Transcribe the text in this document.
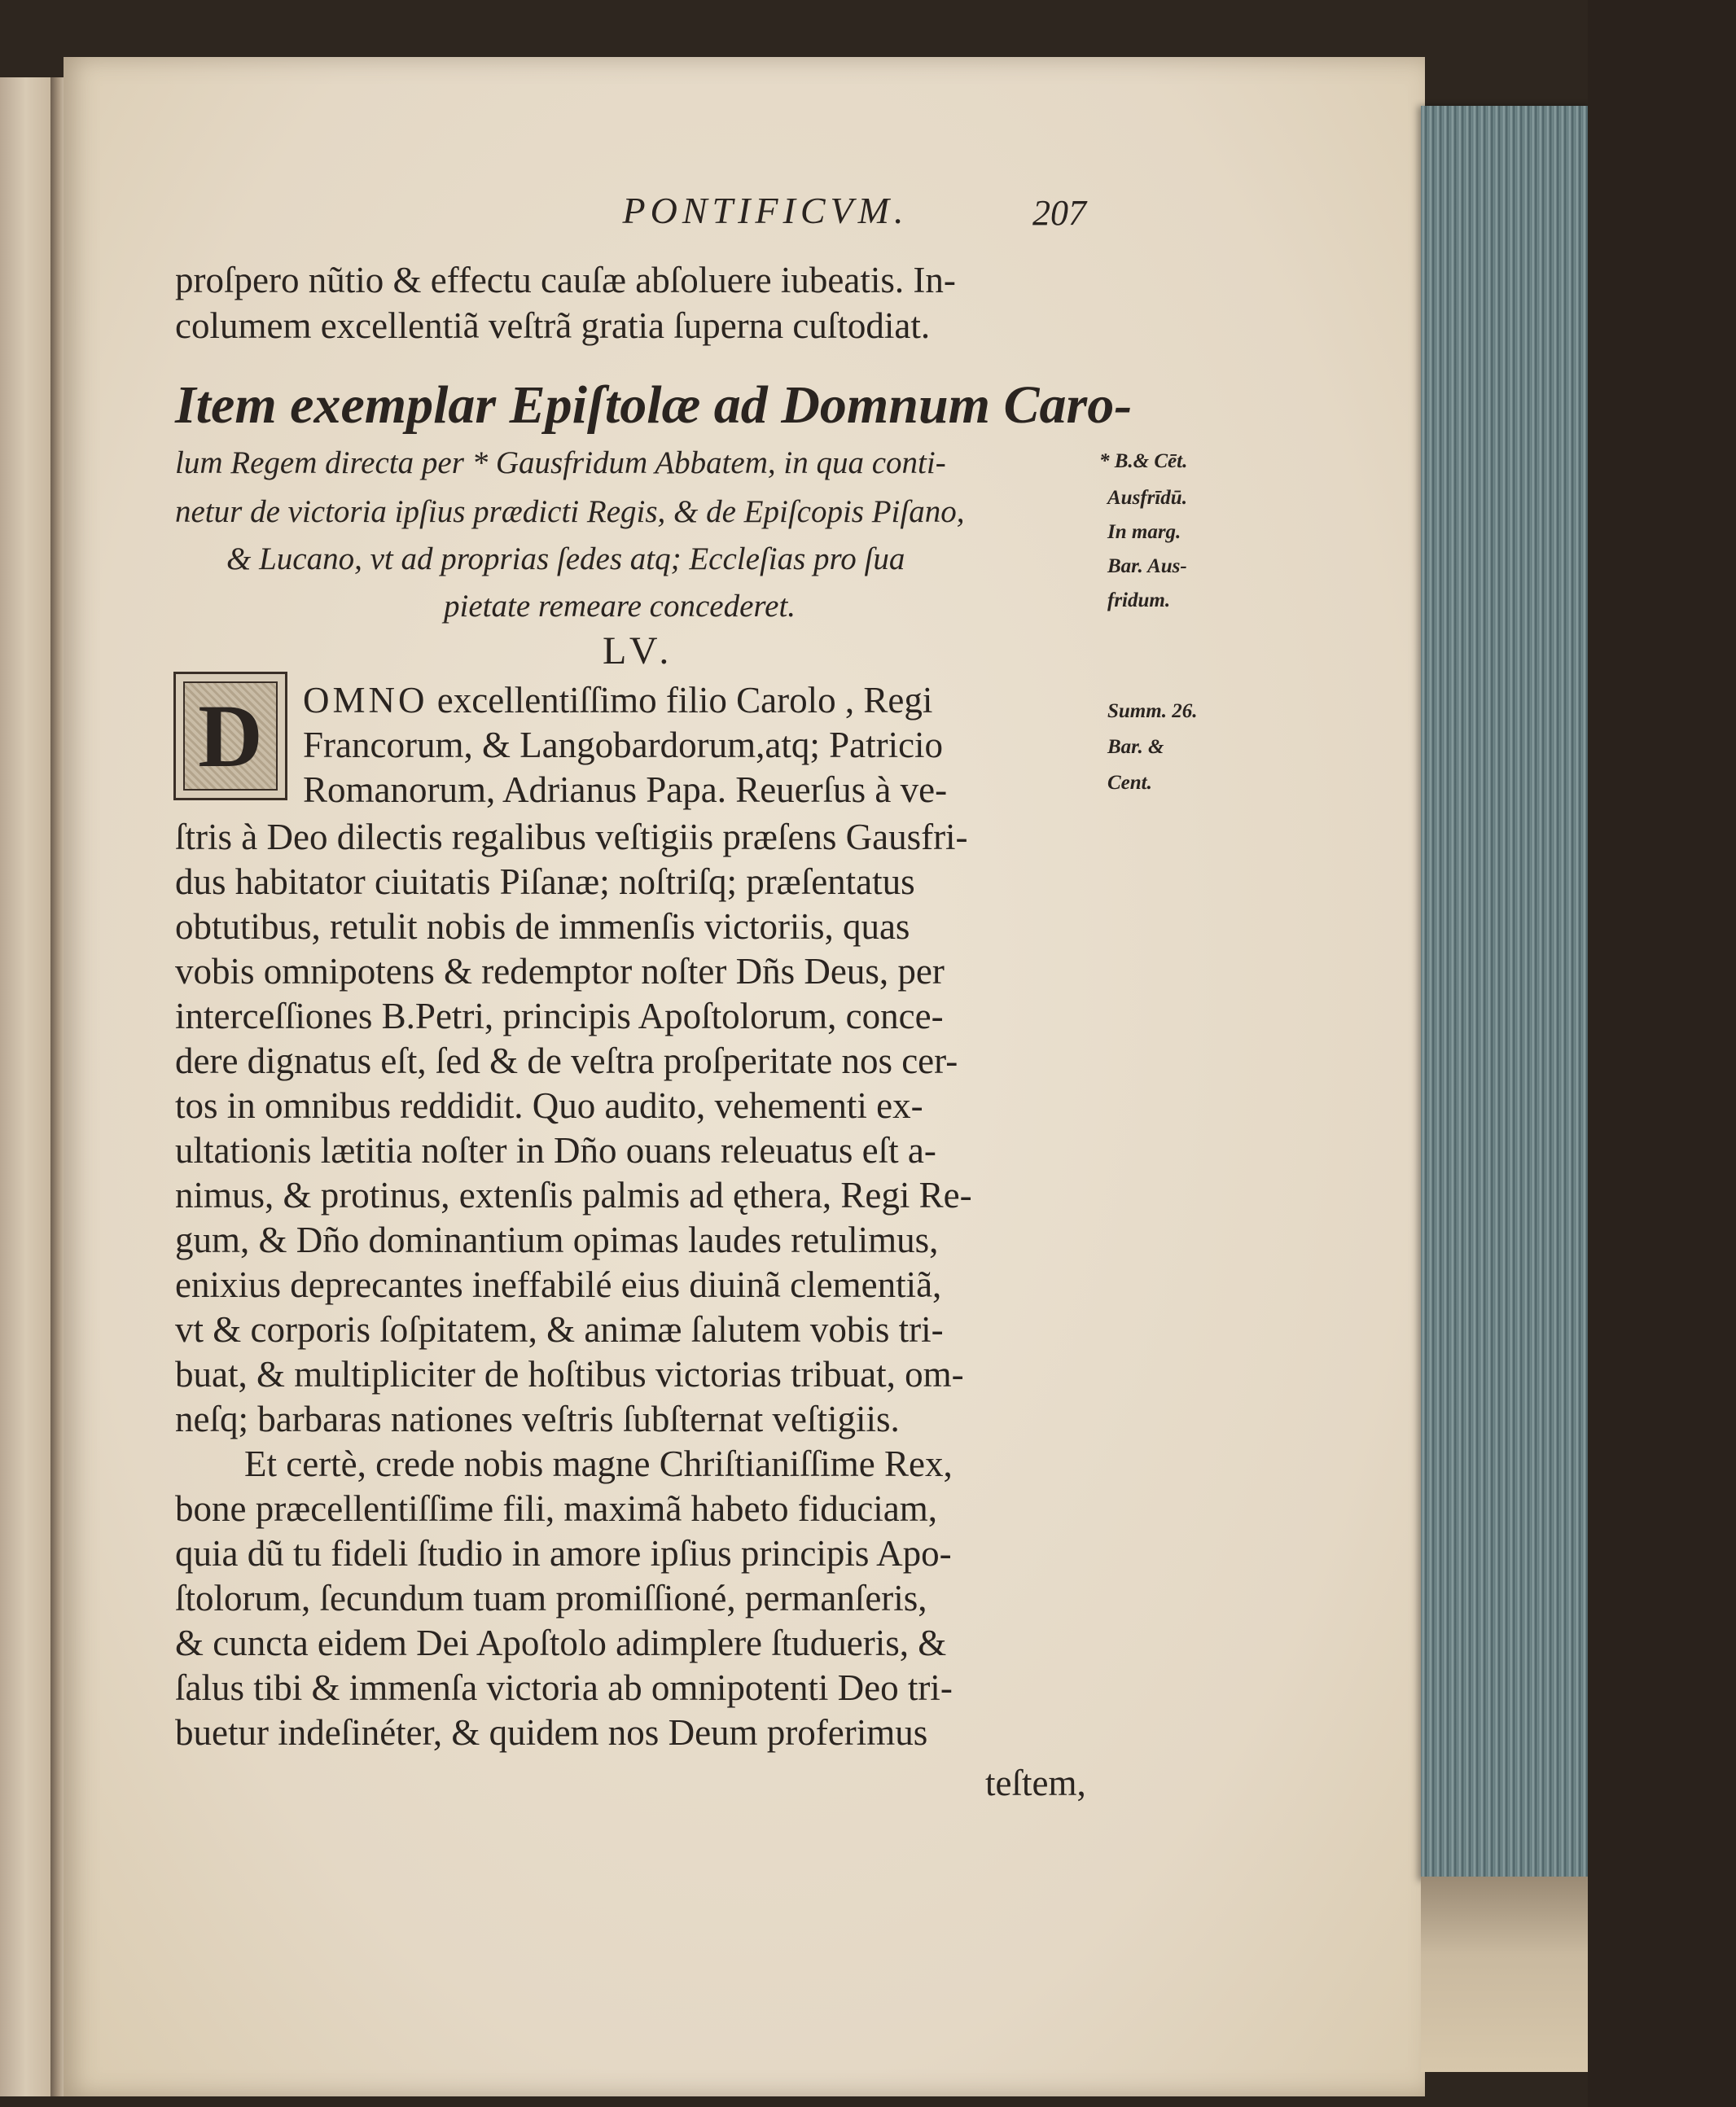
PONTIFICVM.	207
proſpero nũtio & effectu cauſæ abſoluere iubeatis. In-
columem excellentiã veſtrã gratia ſuperna cuſtodiat.
Item exemplar Epiſtolæ ad Domnum Caro-
lum Regem directa per * Gausfridum Abbatem, in qua conti-
netur de victoria ipſius prædicti Regis, & de Epiſcopis Piſano,
& Lucano, vt ad proprias ſedes atq; Eccleſias pro ſua
pietate remeare concederet.
LV.
D OMNO excellentiſſimo filio Carolo , Regi
Francorum, & Langobardorum,atq; Patricio
Romanorum, Adrianus Papa. Reuerſus à ve-
ſtris à Deo dilectis regalibus veſtigiis præſens Gausfri-
dus habitator ciuitatis Piſanæ; noſtriſq; præſentatus
obtutibus, retulit nobis de immenſis victoriis, quas
vobis omnipotens & redemptor noſter Dñs Deus, per
interceſſiones B.Petri, principis Apoſtolorum, conce-
dere dignatus eſt, ſed & de veſtra proſperitate nos cer-
tos in omnibus reddidit. Quo audito, vehementi ex-
ultationis lætitia noſter in Dño ouans releuatus eſt a-
nimus, & protinus, extenſis palmis ad ęthera, Regi Re-
gum, & Dño dominantium opimas laudes retulimus,
enixius deprecantes ineffabilé eius diuinã clementiã,
vt & corporis ſoſpitatem, & animæ ſalutem vobis tri-
buat, & multipliciter de hoſtibus victorias tribuat, om-
neſq; barbaras nationes veſtris ſubſternat veſtigiis.
Et certè, crede nobis magne Chriſtianiſſime Rex,
bone præcellentiſſime fili, maximã habeto fiduciam,
quia dũ tu fideli ſtudio in amore ipſius principis Apo-
ſtolorum, ſecundum tuam promiſſioné, permanſeris,
& cuncta eidem Dei Apoſtolo adimplere ſtudueris, &
ſalus tibi & immenſa victoria ab omnipotenti Deo tri-
buetur indeſinéter, & quidem nos Deum proferimus
teſtem,
* B.& Cēt.
Ausfrīdū.
In marg.
Bar. Aus-
fridum.
Summ. 26.
Bar. &
Cent.
